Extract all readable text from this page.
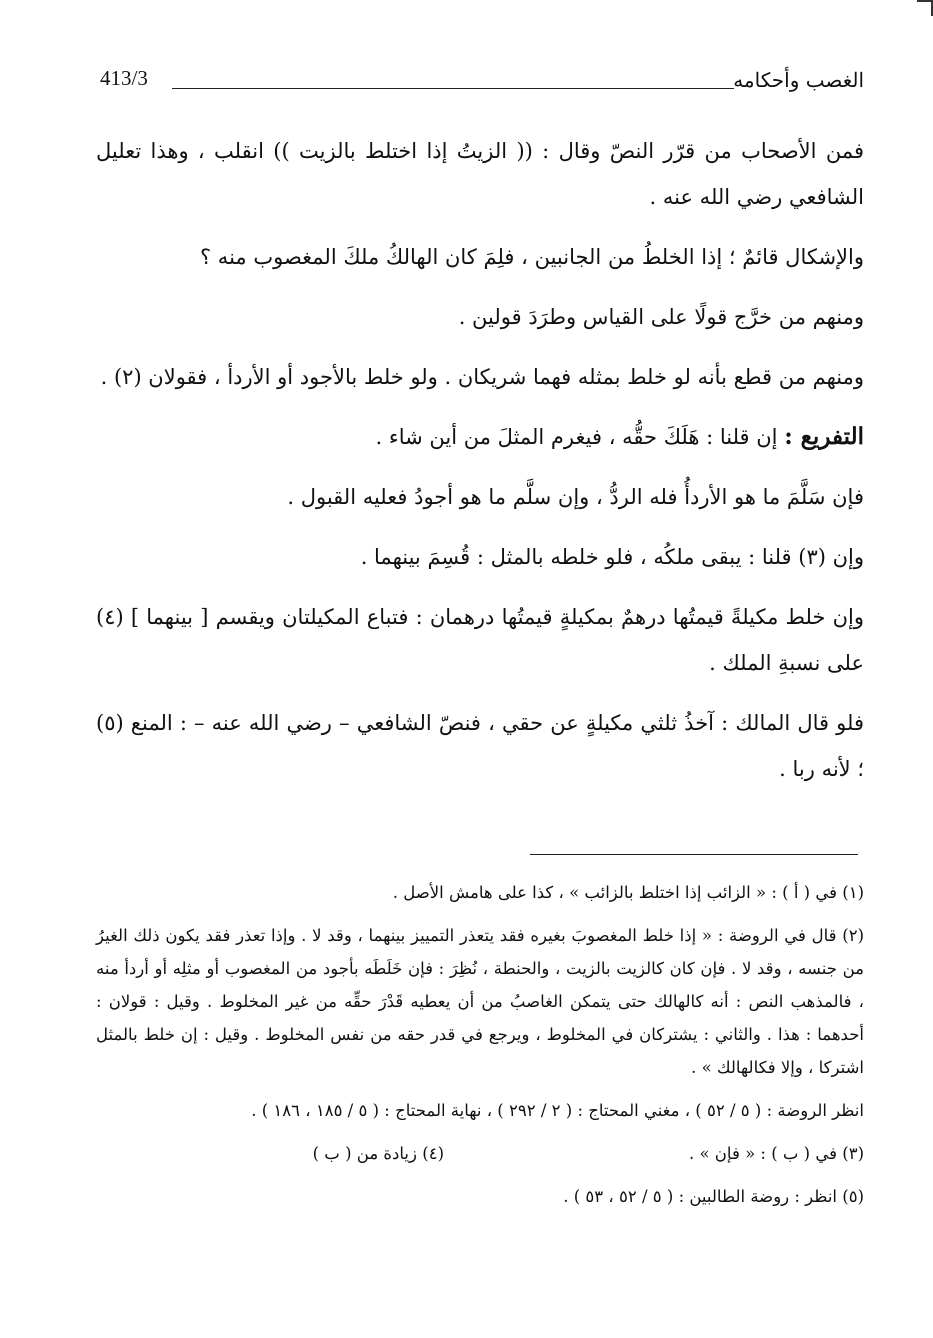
413/3	الغصب وأحكامه

فمن الأصحاب من قرّر النصّ وقال : (( الزيتُ إذا اختلط بالزيت )) انقلب ، وهذا تعليل الشافعي رضي الله عنه .

والإشكال قائمٌ ؛ إذا الخلطُ من الجانبين ، فلِمَ كان الهالكُ ملكَ المغصوب منه ؟

ومنهم من خرَّج قولًا على القياس وطرَدَ قولين .

ومنهم من قطع بأنه لو خلط بمثله فهما شريكان . ولو خلط بالأجود أو الأردأ ، فقولان (٢) .

التفريع : إن قلنا : هَلَكَ حقُّه ، فيغرم المثلَ من أين شاء .

فإن سَلَّمَ ما هو الأردأُ فله الردُّ ، وإن سلَّم ما هو أجودُ فعليه القبول .

وإن (٣) قلنا : يبقى ملكُه ، فلو خلطه بالمثل : قُسِمَ بينهما .

وإن خلط مكيلةً قيمتُها درهمٌ بمكيلةٍ قيمتُها درهمان : فتباع المكيلتان ويقسم [ بينهما ] (٤) على نسبةِ الملك .

فلو قال المالك : آخذُ ثلثي مكيلةٍ عن حقي ، فنصّ الشافعي – رضي الله عنه – : المنع (٥) ؛ لأنه ربا .

(١) في ( أ ) : « الزائب إذا اختلط بالزائب » ، كذا على هامش الأصل .

(٢) قال في الروضة : « إذا خلط المغصوبَ بغيره فقد يتعذر التمييز بينهما ، وقد لا . وإذا تعذر فقد يكون ذلك الغيرُ من جنسه ، وقد لا . فإن كان كالزيت بالزيت ، والحنطة ، نُظِرَ : فإن خَلَطَه بأجود من المغصوب أو مثلِه أو أردأ منه ، فالمذهب النص : أنه كالهالك حتى يتمكن الغاصبُ من أن يعطيه قَدْرَ حقِّه من غير المخلوط . وقيل : قولان : أحدهما : هذا . والثاني : يشتركان في المخلوط ، ويرجع في قدر حقه من نفس المخلوط . وقيل : إن خلط بالمثل اشتركا ، وإلا فكالهالك » .

انظر الروضة : ( ٥ / ٥٢ ) ، مغني المحتاج : ( ٢ / ٢٩٢ ) ، نهاية المحتاج : ( ٥ / ١٨٥ ، ١٨٦ ) .

(٣) في ( ب ) : « فإن » .
(٤) زيادة من ( ب )

(٥) انظر : روضة الطالبين : ( ٥ / ٥٢ ، ٥٣ ) .
